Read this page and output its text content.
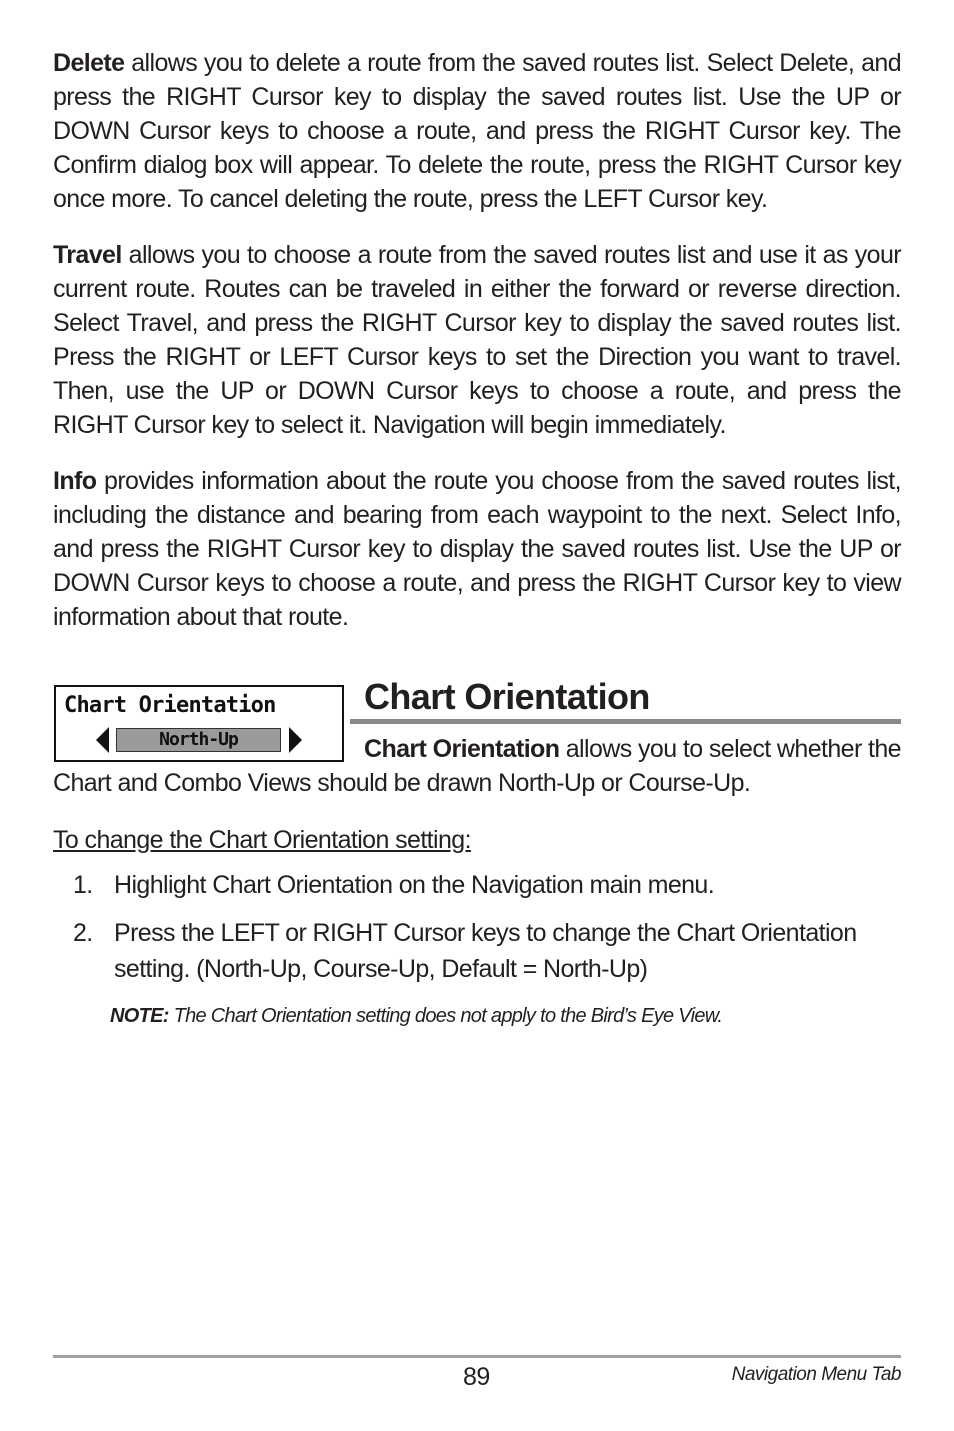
Delete allows you to delete a route from the saved routes list. Select Delete, and press the RIGHT Cursor key to display the saved routes list. Use the UP or DOWN Cursor keys to choose a route, and press the RIGHT Cursor key. The Confirm dialog box will appear. To delete the route, press the RIGHT Cursor key once more. To cancel deleting the route, press the LEFT Cursor key.
Travel allows you to choose a route from the saved routes list and use it as your current route. Routes can be traveled in either the forward or reverse direction. Select Travel, and press the RIGHT Cursor key to display the saved routes list. Press the RIGHT or LEFT Cursor keys to set the Direction you want to travel. Then, use the UP or DOWN Cursor keys to choose a route, and press the RIGHT Cursor key to select it. Navigation will begin immediately.
Info provides information about the route you choose from the saved routes list, including the distance and bearing from each waypoint to the next. Select Info, and press the RIGHT Cursor key to display the saved routes list. Use the UP or DOWN Cursor keys to choose a route, and press the RIGHT Cursor key to view information about that route.
Chart Orientation
North-Up
Chart Orientation
Chart Orientation allows you to select whether the Chart and Combo Views should be drawn North-Up or Course-Up.
To change the Chart Orientation setting:
1. Highlight Chart Orientation on the Navigation main menu.
2. Press the LEFT or RIGHT Cursor keys to change the Chart Orientation setting. (North-Up, Course-Up, Default = North-Up)
NOTE: The Chart Orientation setting does not apply to the Bird’s Eye View.
89	Navigation Menu Tab
